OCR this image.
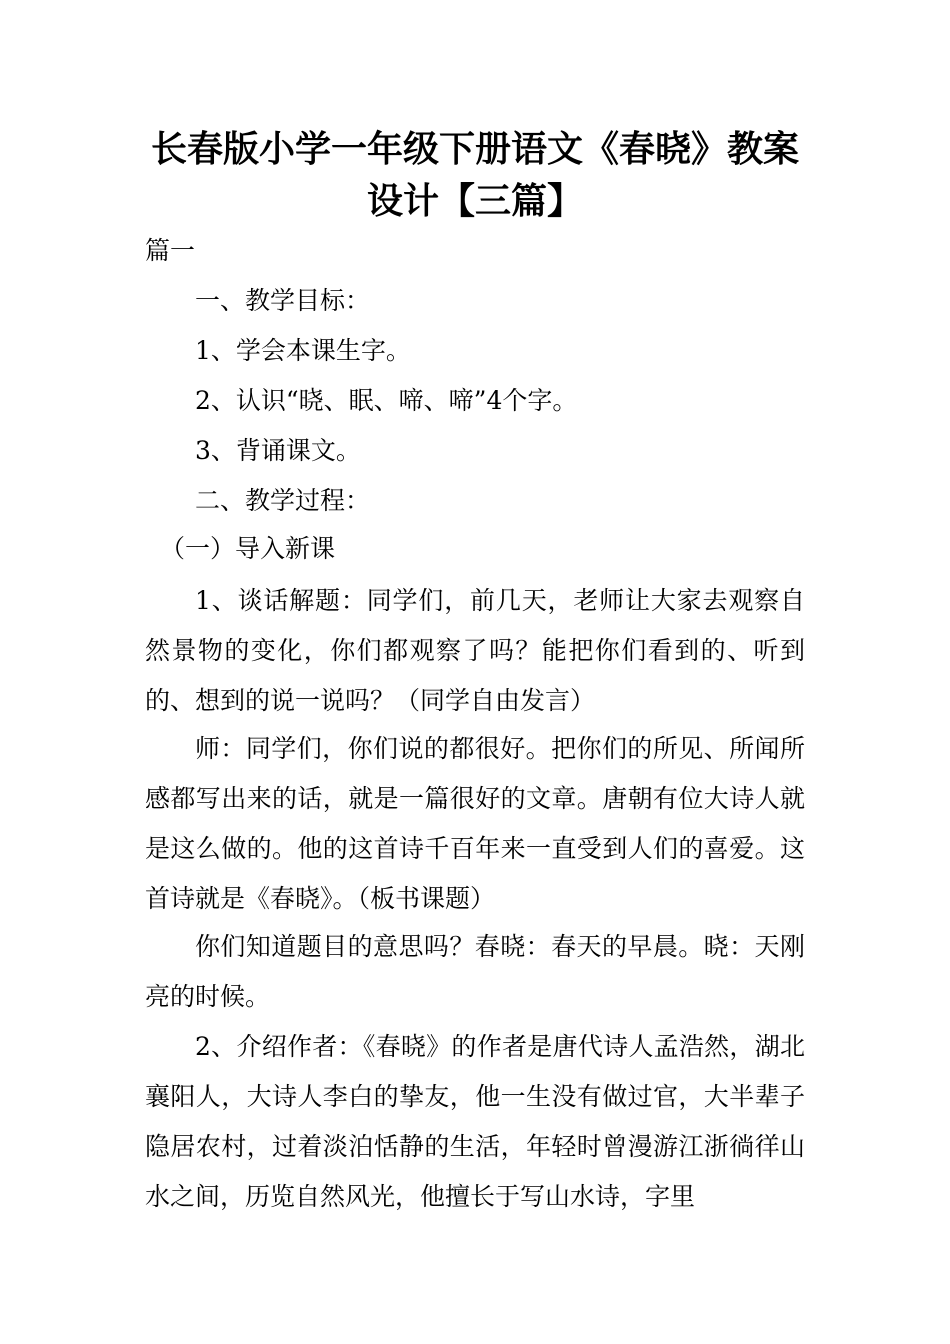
长春版小学一年级下册语文《春晓》教案
设计【三篇】
篇一
一、教学目标：
1、学会本课生字。
2、认识“晓、眠、啼、啼”4个字。
3、背诵课文。
二、教学过程：
（一）导入新课
1、谈话解题：同学们，前几天，老师让大家去观察自然景物的变化，你们都观察了吗？能把你们看到的、听到的、想到的说一说吗？（同学自由发言）
师：同学们，你们说的都很好。把你们的所见、所闻所感都写出来的话，就是一篇很好的文章。唐朝有位大诗人就是这么做的。他的这首诗千百年来一直受到人们的喜爱。这首诗就是《春晓》。（板书课题）
你们知道题目的意思吗？春晓：春天的早晨。晓：天刚亮的时候。
2、介绍作者：《春晓》的作者是唐代诗人孟浩然，湖北襄阳人，大诗人李白的挚友，他一生没有做过官，大半辈子隐居农村，过着淡泊恬静的生活，年轻时曾漫游江浙徜徉山水之间，历览自然风光，他擅长于写山水诗，字里
